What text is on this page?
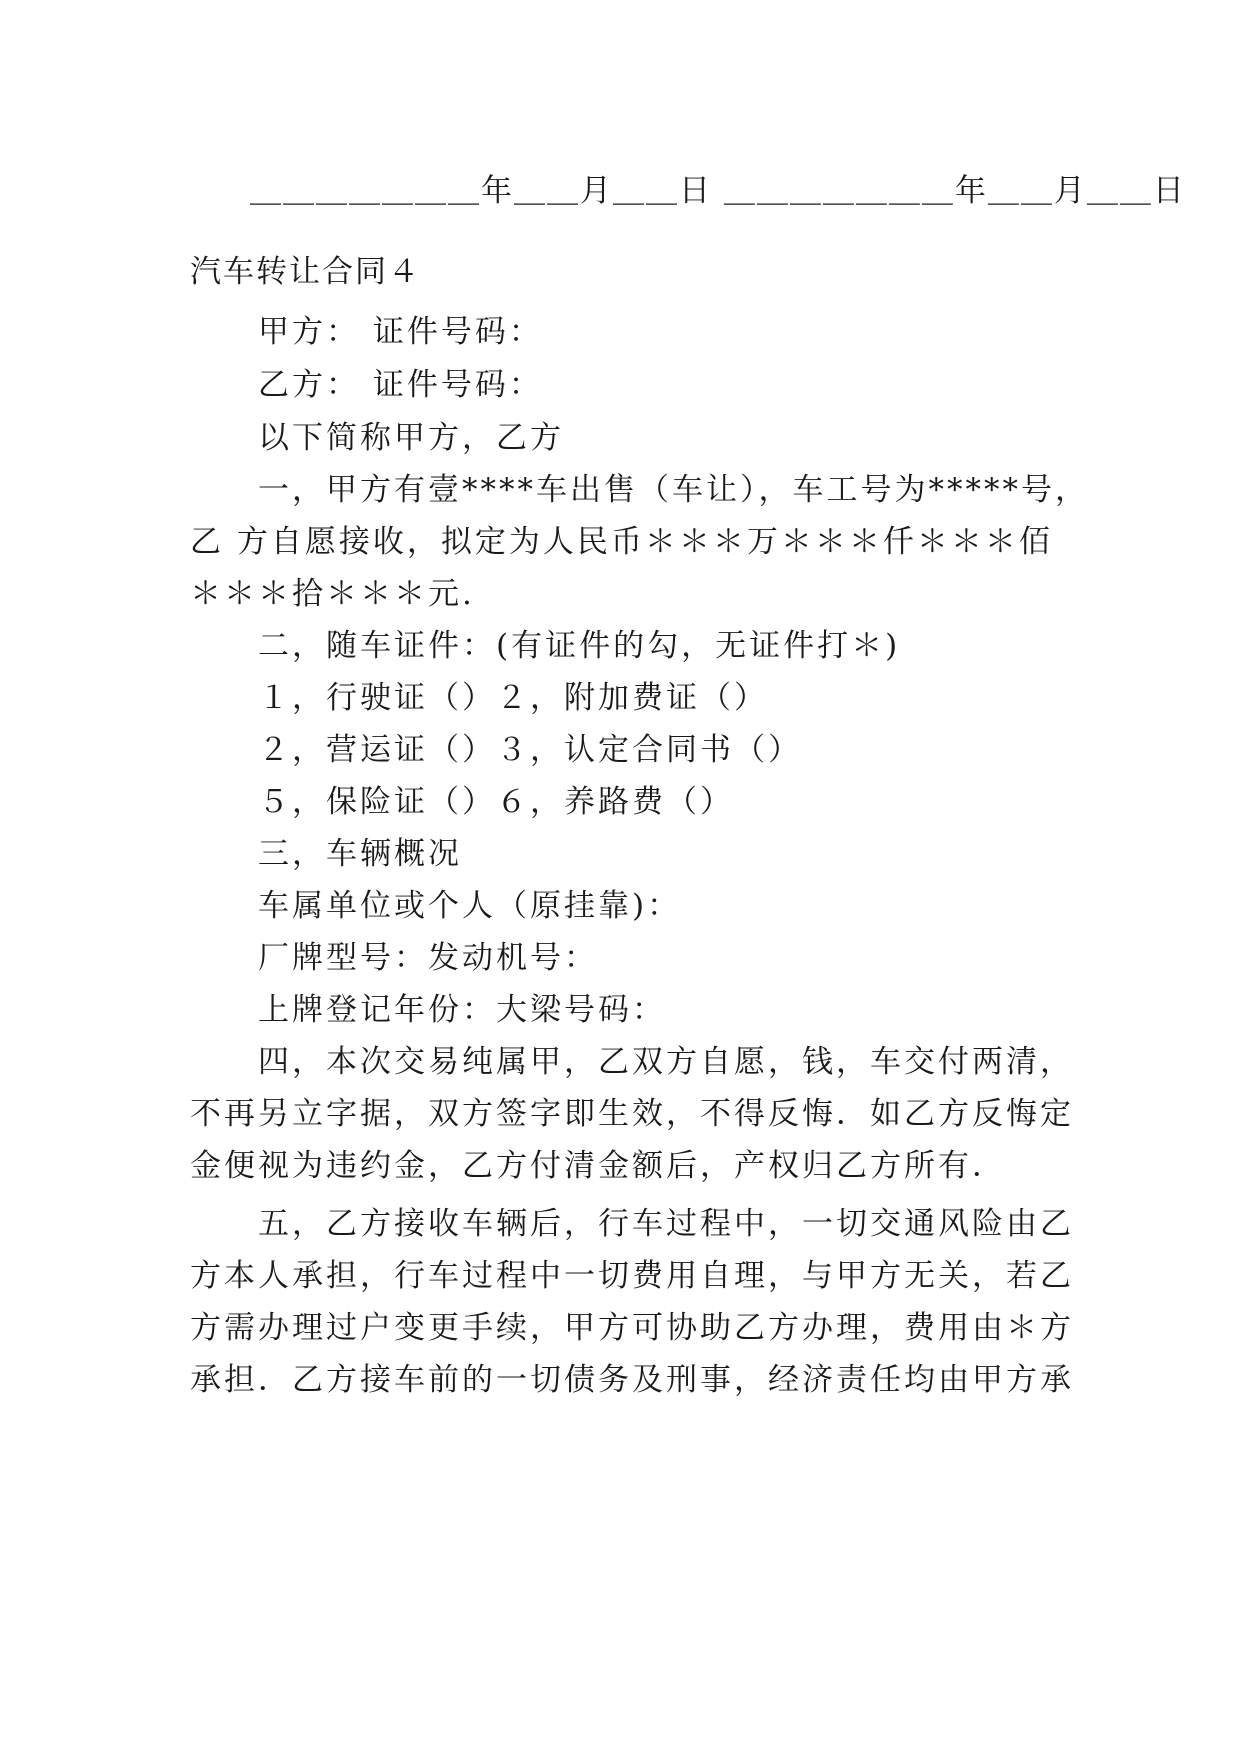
＿＿＿＿＿＿＿年＿＿月＿＿日 ＿＿＿＿＿＿＿年＿＿月＿＿日
汽车转让合同４
甲方： 证件号码：
乙方： 证件号码：
以下简称甲方，乙方
一，甲方有壹****车出售（车让），车工号为*****号，
乙 方自愿接收，拟定为人民币＊＊＊万＊＊＊仟＊＊＊佰
＊＊＊拾＊＊＊元.
二，随车证件：(有证件的勾，无证件打＊)
１，行驶证（）２，附加费证（）
２，营运证（）３，认定合同书（）
５，保险证（）６，养路费（）
三，车辆概况
车属单位或个人（原挂靠)：
厂牌型号：发动机号：
上牌登记年份：大梁号码：
四，本次交易纯属甲，乙双方自愿，钱，车交付两清，
不再另立字据，双方签字即生效，不得反悔．如乙方反悔定
金便视为违约金，乙方付清金额后，产权归乙方所有．
五，乙方接收车辆后，行车过程中，一切交通风险由乙
方本人承担，行车过程中一切费用自理，与甲方无关，若乙
方需办理过户变更手续，甲方可协助乙方办理，费用由＊方
承担．乙方接车前的一切债务及刑事，经济责任均由甲方承
